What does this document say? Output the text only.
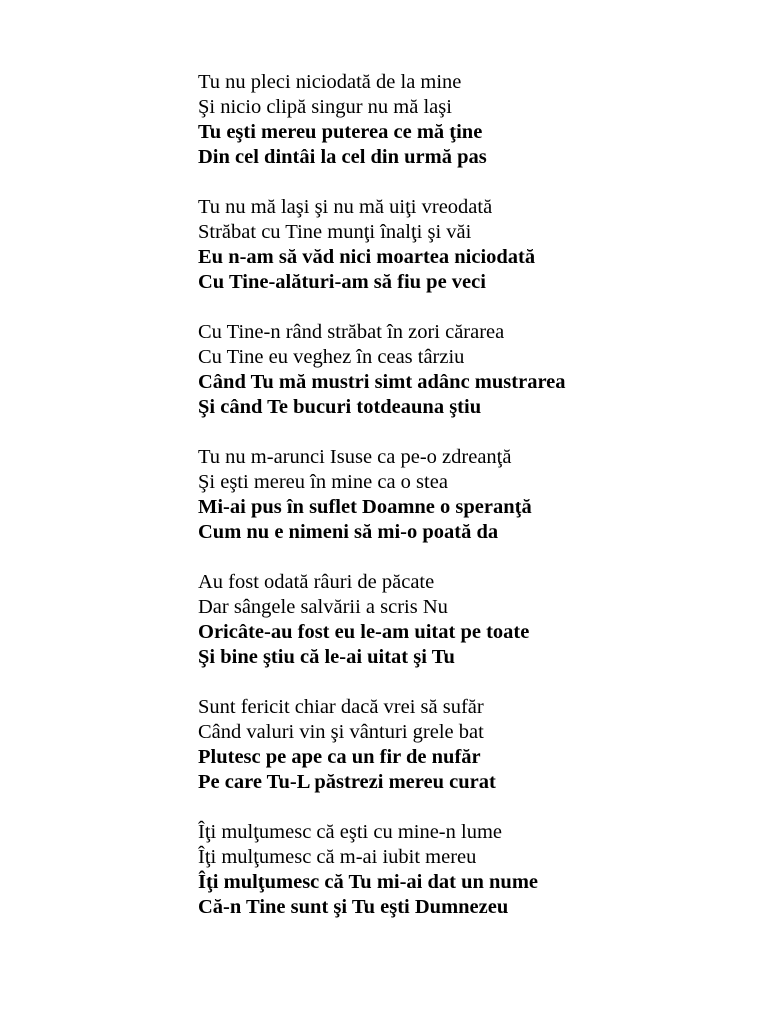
Tu nu pleci niciodată de la mine
Şi nicio clipă singur nu mă laşi
Tu eşti mereu puterea ce mă ţine
Din cel dintâi la cel din urmă pas
Tu nu mă laşi şi nu mă uiţi vreodată
Străbat cu Tine munţi înalţi şi văi
Eu n-am să văd nici moartea niciodată
Cu Tine-alături-am să fiu pe veci
Cu Tine-n rând străbat în zori cărarea
Cu Tine eu veghez în ceas târziu
Când Tu mă mustri simt adânc mustrarea
Şi când Te bucuri totdeauna ştiu
Tu nu m-arunci Isuse ca pe-o zdreanţă
Şi eşti mereu în mine ca o stea
Mi-ai pus în suflet Doamne o speranţă
Cum nu e nimeni să mi-o poată da
Au fost odată râuri de păcate
Dar sângele salvării a scris Nu
Oricâte-au fost eu le-am uitat pe toate
Şi bine ştiu că le-ai uitat şi Tu
Sunt fericit chiar dacă vrei să sufăr
Când valuri vin şi vânturi grele bat
Plutesc pe ape ca un fir de nufăr
Pe care Tu-L păstrezi mereu curat
Îţi mulţumesc că eşti cu mine-n lume
Îţi mulţumesc că m-ai iubit mereu
Îţi mulţumesc că Tu mi-ai dat un nume
Că-n Tine sunt şi Tu eşti Dumnezeu
